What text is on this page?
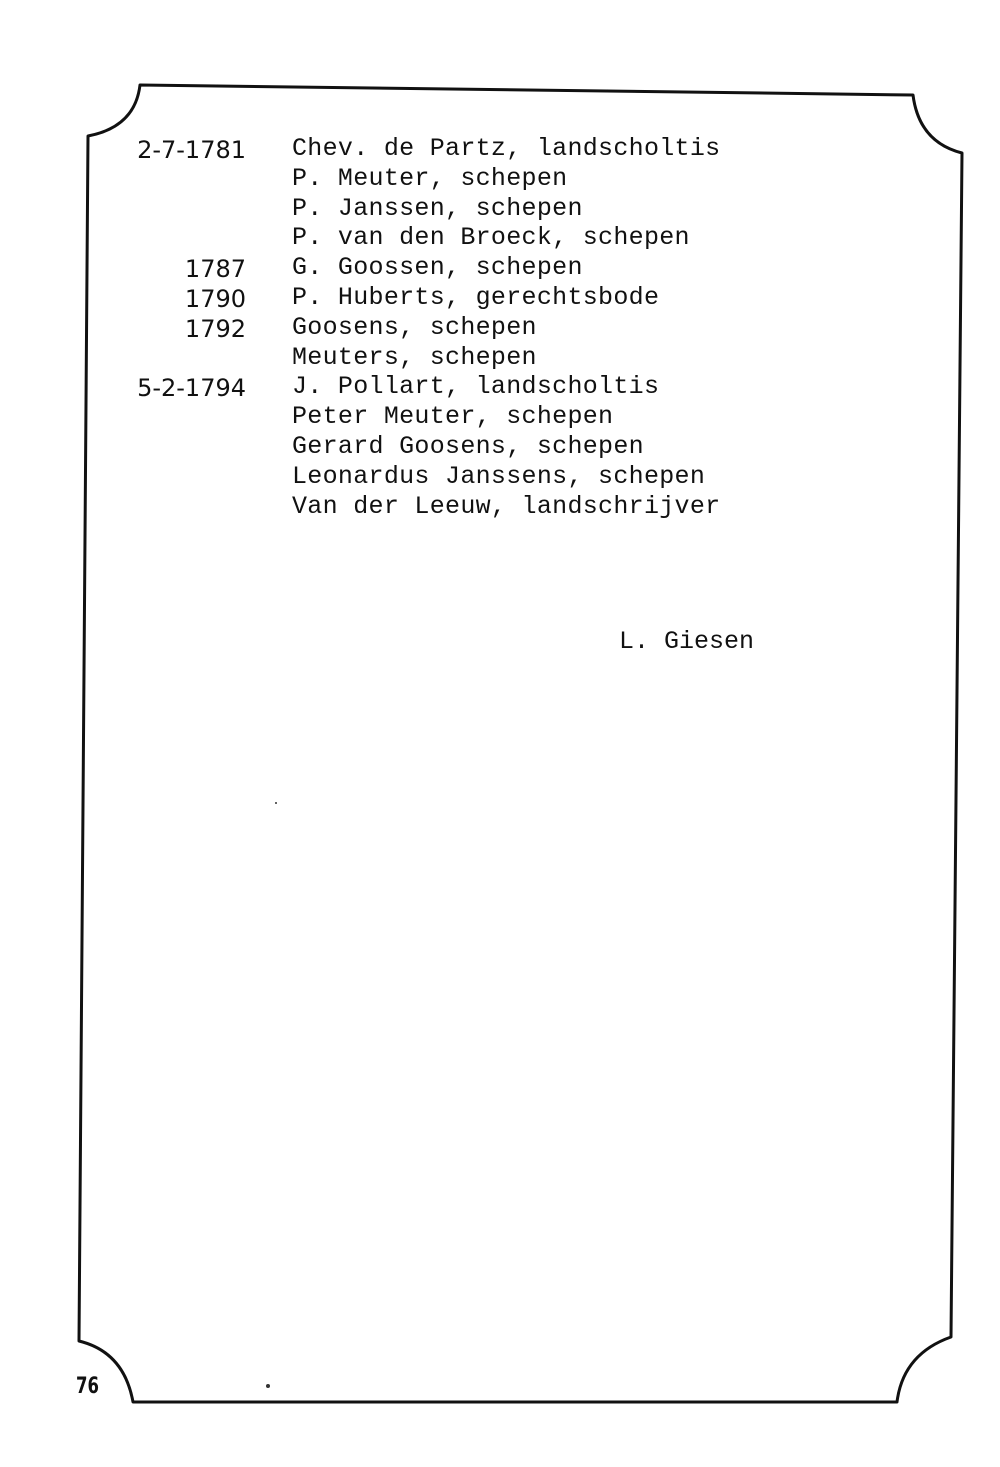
2-7-1781 Chev. de Partz, landscholtis
P. Meuter, schepen
P. Janssen, schepen
P. van den Broeck, schepen
1787 G. Goossen, schepen
1790 P. Huberts, gerechtsbode
1792 Goosens, schepen
Meuters, schepen
5-2-1794 J. Pollart, landscholtis
Peter Meuter, schepen
Gerard Goosens, schepen
Leonardus Janssens, schepen
Van der Leeuw, landschrijver
L. Giesen
76
